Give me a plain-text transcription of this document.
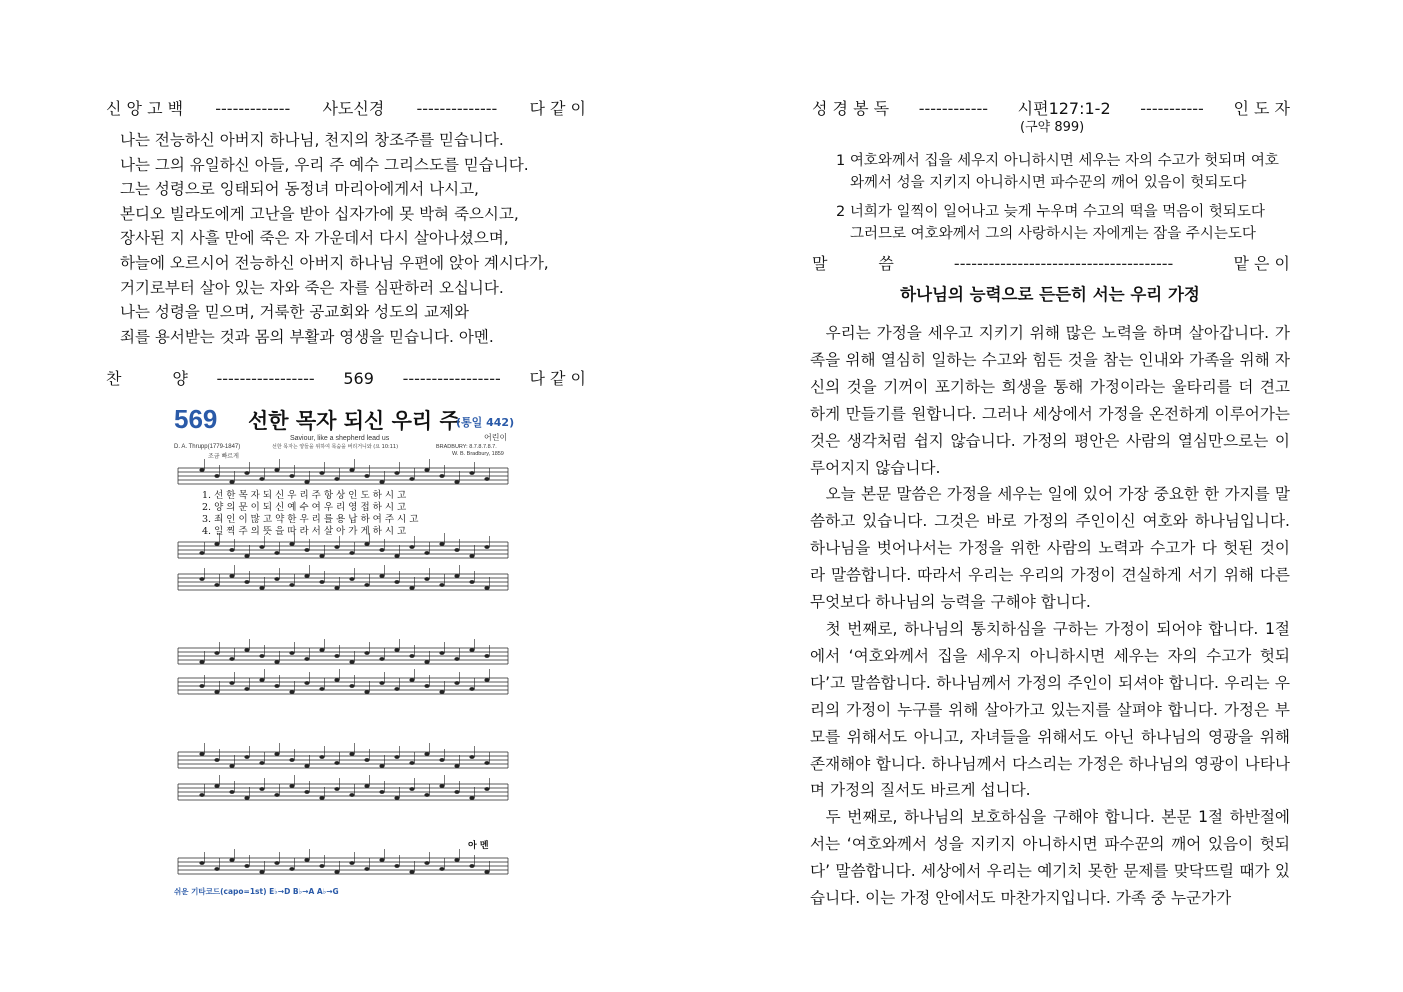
신 앙 고 백 ------------- 사도신경 -------------- 다 같 이
나는 전능하신 아버지 하나님, 천지의 창조주를 믿습니다.
나는 그의 유일하신 아들, 우리 주 예수 그리스도를 믿습니다.
그는 성령으로 잉태되어 동정녀 마리아에게서 나시고,
본디오 빌라도에게 고난을 받아 십자가에 못 박혀 죽으시고,
장사된 지 사흘 만에 죽은 자 가운데서 다시 살아나셨으며,
하늘에 오르시어 전능하신 아버지 하나님 우편에 앉아 계시다가,
거기로부터 살아 있는 자와 죽은 자를 심판하러 오십니다.
나는 성령을 믿으며, 거룩한 공교회와 성도의 교제와
죄를 용서받는 것과 몸의 부활과 영생을 믿습니다. 아멘.
찬          양 ----------------- 569 ----------------- 다 같 이
569 선한 목자 되신 우리 주
(통일 442)
Saviour, like a shepherd lead us	어린이
D. A. Thrupp(1779-1847)	선한 목자는 양들을 위하여 목숨을 버리거니와 (요 10:11)	BRADBURY: 8.7.8.7.8.7.
W. B. Bradbury, 1859
조금 빠르게
1. 선 한 목 자 되 신 우 리 주 항 상 인 도 하 시 고
2. 양 의 문 이 되 신 예 수 여 우 리 영 접 하 시 고
3. 죄 인 이 많 고 약 한 우 리 를 용 납 하 여 주 시 고
4. 일 찍 주 의 뜻 을 따 라 서 살 아 가 게 하 시 고
아 멘
쉬운 기타코드(capo=1st) E♭→D B♭→A A♭→G
성 경 봉 독 ------------ 시편127:1-2 ----------- 인 도 자
(구약 899)
1 여호와께서 집을 세우지 아니하시면 세우는 자의 수고가 헛되며 여호
와께서 성을 지키지 아니하시면 파수꾼의 깨어 있음이 헛되도다
2 너희가 일찍이 일어나고 늦게 누우며 수고의 떡을 먹음이 헛되도다
그러므로 여호와께서 그의 사랑하시는 자에게는 잠을 주시는도다
말          씀	--------------------------------------	맡 은 이
하나님의 능력으로 든든히 서는 우리 가정

우리는 가정을 세우고 지키기 위해 많은 노력을 하며 살아갑니다. 가족을 위해 열심히 일하는 수고와 힘든 것을 참는 인내와 가족을 위해 자신의 것을 기꺼이 포기하는 희생을 통해 가정이라는 울타리를 더 견고하게 만들기를 원합니다. 그러나 세상에서 가정을 온전하게 이루어가는 것은 생각처럼 쉽지 않습니다. 가정의 평안은 사람의 열심만으로는 이루어지지 않습니다.

오늘 본문 말씀은 가정을 세우는 일에 있어 가장 중요한 한 가지를 말씀하고 있습니다. 그것은 바로 가정의 주인이신 여호와 하나님입니다. 하나님을 벗어나서는 가정을 위한 사람의 노력과 수고가 다 헛된 것이라 말씀합니다. 따라서 우리는 우리의 가정이 견실하게 서기 위해 다른 무엇보다 하나님의 능력을 구해야 합니다.

첫 번째로, 하나님의 통치하심을 구하는 가정이 되어야 합니다. 1절에서 ‘여호와께서 집을 세우지 아니하시면 세우는 자의 수고가 헛되다’고 말씀합니다. 하나님께서 가정의 주인이 되셔야 합니다. 우리는 우리의 가정이 누구를 위해 살아가고 있는지를 살펴야 합니다. 가정은 부모를 위해서도 아니고, 자녀들을 위해서도 아닌 하나님의 영광을 위해 존재해야 합니다. 하나님께서 다스리는 가정은 하나님의 영광이 나타나며 가정의 질서도 바르게 섭니다.

두 번째로, 하나님의 보호하심을 구해야 합니다. 본문 1절 하반절에서는 ‘여호와께서 성을 지키지 아니하시면 파수꾼의 깨어 있음이 헛되다’ 말씀합니다. 세상에서 우리는 예기치 못한 문제를 맞닥뜨릴 때가 있습니다. 이는 가정 안에서도 마찬가지입니다. 가족 중 누군가가
